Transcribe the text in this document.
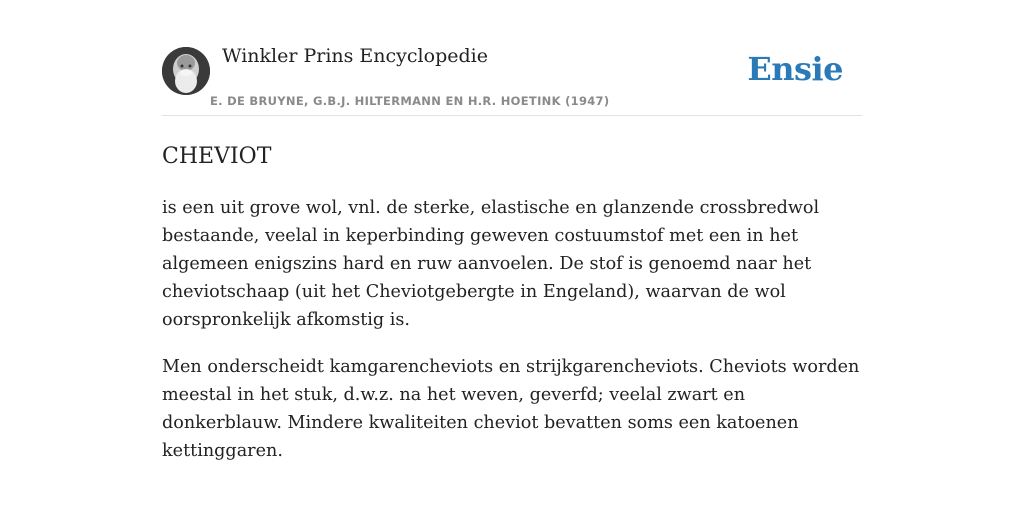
Winkler Prins Encyclopedie
E. DE BRUYNE, G.B.J. HILTERMANN EN H.R. HOETINK (1947)
Ensie
CHEVIOT

is een uit grove wol, vnl. de sterke, elastische en glanzende crossbredwol bestaande, veelal in keperbinding geweven costuumstof met een in het algemeen enigszins hard en ruw aanvoelen. De stof is genoemd naar het cheviotschaap (uit het Cheviotgebergte in Engeland), waarvan de wol oorspronkelijk afkomstig is.

Men onderscheidt kamgarencheviots en strijkgarencheviots. Cheviots worden meestal in het stuk, d.w.z. na het weven, geverfd; veelal zwart en donkerblauw. Mindere kwaliteiten cheviot bevatten soms een katoenen kettinggaren.
